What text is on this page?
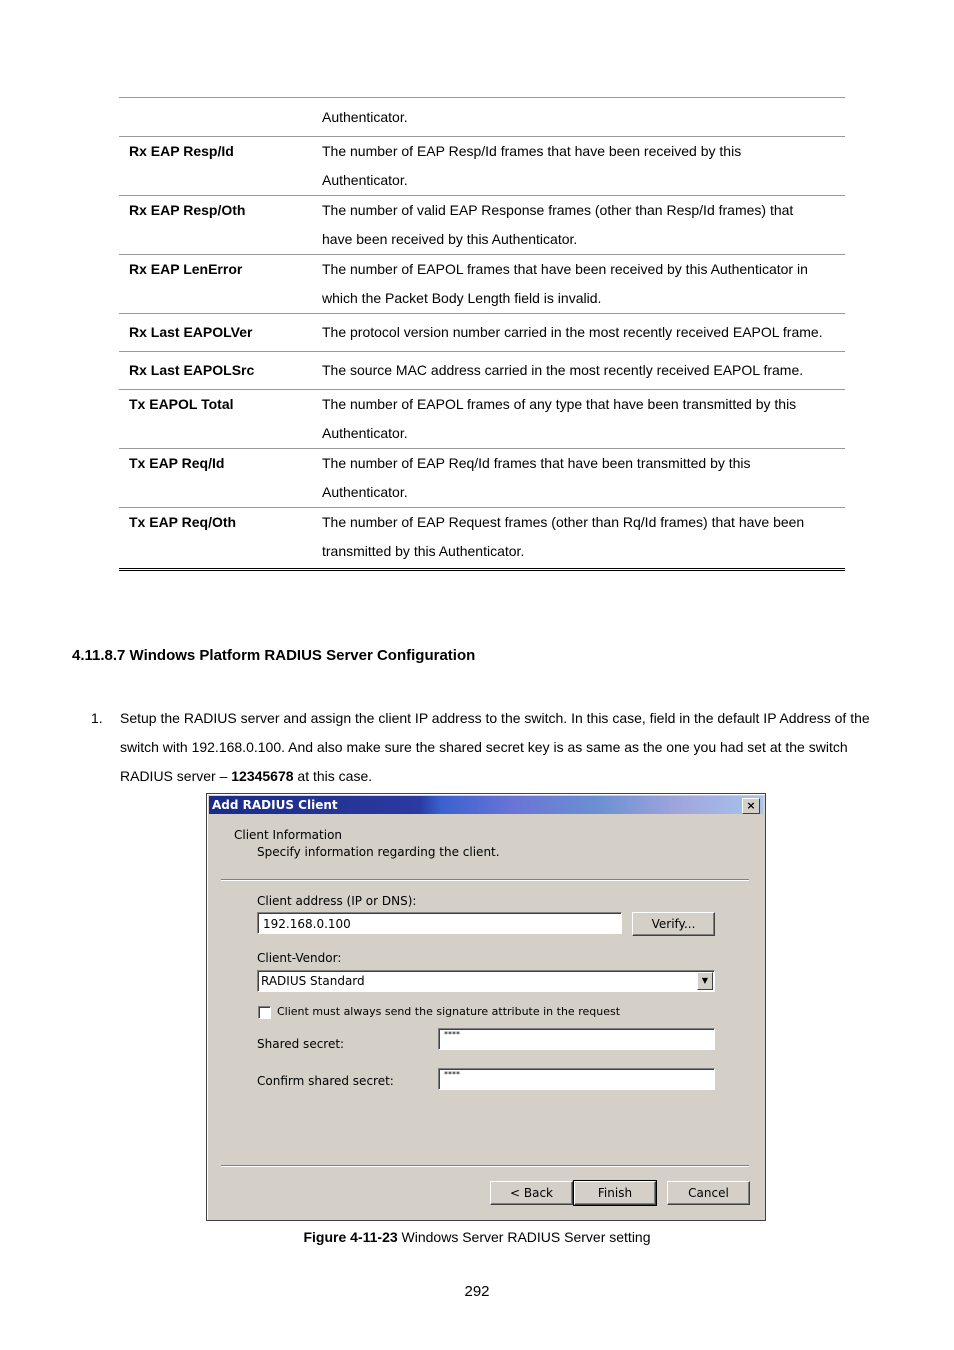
	Authenticator.

Rx EAP Resp/Id	The number of EAP Resp/Id frames that have been received by this
Authenticator.

Rx EAP Resp/Oth	The number of valid EAP Response frames (other than Resp/Id frames) that
have been received by this Authenticator.

Rx EAP LenError	The number of EAPOL frames that have been received by this Authenticator in
which the Packet Body Length field is invalid.

Rx Last EAPOLVer	The protocol version number carried in the most recently received EAPOL frame.

Rx Last EAPOLSrc	The source MAC address carried in the most recently received EAPOL frame.

Tx EAPOL Total	The number of EAPOL frames of any type that have been transmitted by this
Authenticator.

Tx EAP Req/Id	The number of EAP Req/Id frames that have been transmitted by this
Authenticator.

Tx EAP Req/Oth	The number of EAP Request frames (other than Rq/Id frames) that have been
transmitted by this Authenticator.
4.11.8.7 Windows Platform RADIUS Server Configuration
1. Setup the RADIUS server and assign the client IP address to the switch. In this case, field in the default IP Address of the switch with 192.168.0.100. And also make sure the shared secret key is as same as the one you had set at the switch RADIUS server – 12345678 at this case.
Add RADIUS Client	×
Client Information
Specify information regarding the client.
Client address (IP or DNS):
192.168.0.100	Verify...
Client-Vendor:
RADIUS Standard	▼
Client must always send the signature attribute in the request
Shared secret:
****
Confirm shared secret:	****
< Back	Finish	Cancel
Figure 4-11-23 Windows Server RADIUS Server setting
292
